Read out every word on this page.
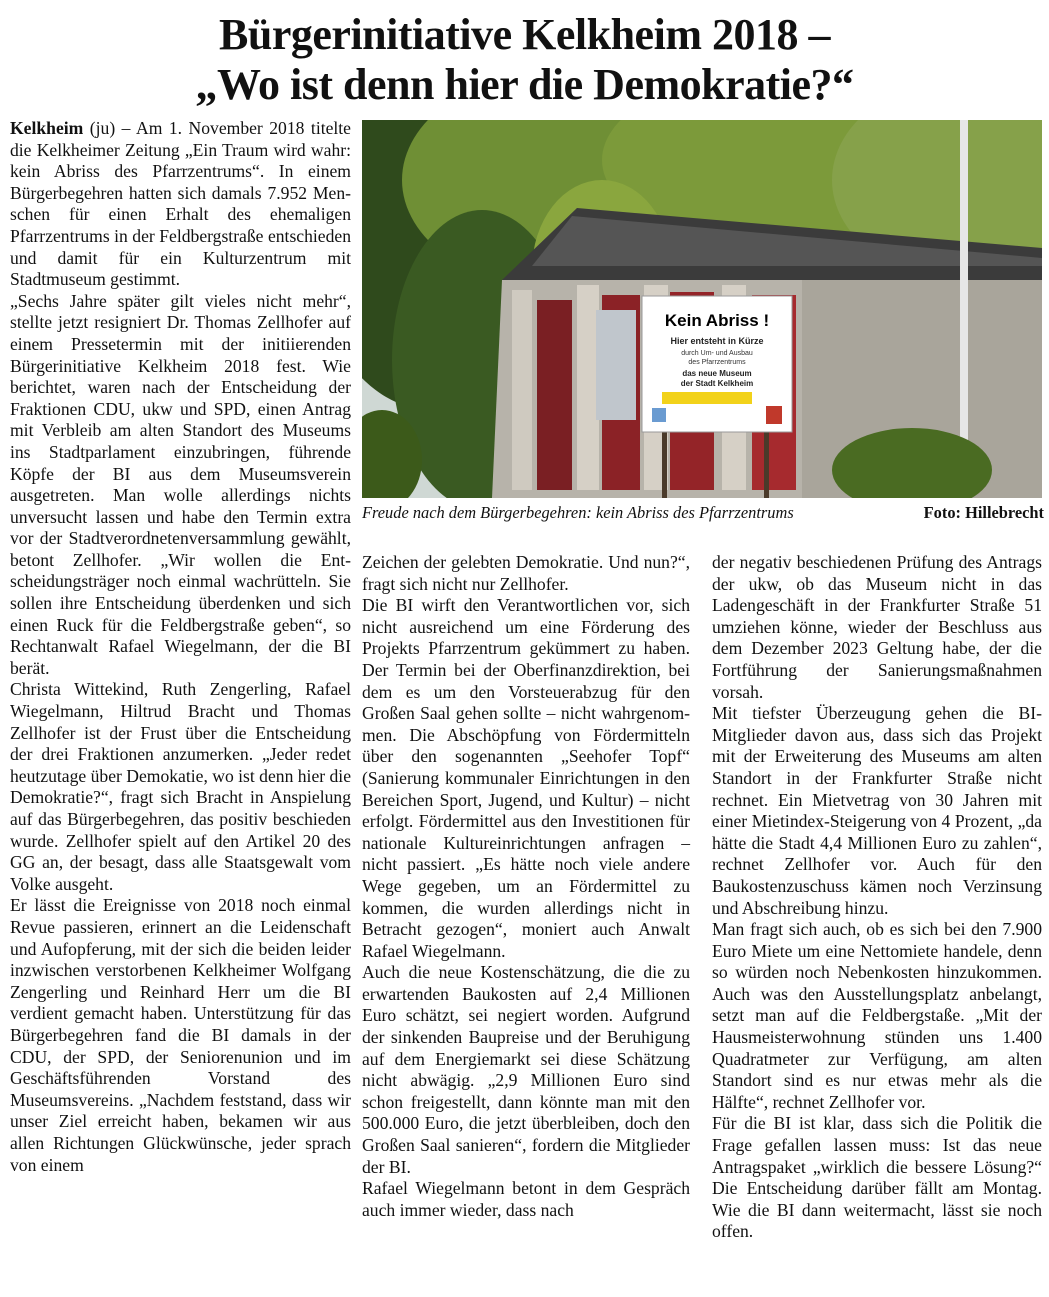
Bürgerinitiative Kelkheim 2018 –
„Wo ist denn hier die Demokratie?“

Kelkheim (ju) – Am 1. November 2018 titelte die Kelkheimer Zeitung „Ein Traum wird wahr: kein Abriss des Pfarrzentrums“. In einem Bürgerbegehren hatten sich damals 7.952 Menschen für einen Erhalt des ehemaligen Pfarrzentrums in der Feldbergstraße entschieden und damit für ein Kulturzentrum mit Stadtmuseum gestimmt.

„Sechs Jahre später gilt vieles nicht mehr“, stellte jetzt resigniert Dr. Thomas Zellhofer auf einem Pressetermin mit der initiierenden Bürgerinitiative Kelkheim 2018 fest. Wie berichtet, waren nach der Entscheidung der Fraktionen CDU, ukw und SPD, einen Antrag mit Verbleib am alten Standort des Museums ins Stadtparlament einzubringen, führende Köpfe der BI aus dem Museumsverein ausgetreten. Man wolle allerdings nichts unversucht lassen und habe den Termin extra vor der Stadtverordnetenversammlung gewählt, betont Zellhofer. „Wir wollen die Entscheidungsträger noch einmal wachrütteln. Sie sollen ihre Entscheidung überdenken und sich einen Ruck für die Feldbergstraße geben“, so Rechtanwalt Rafael Wiegelmann, der die BI berät.

Christa Wittekind, Ruth Zengerling, Rafael Wiegelmann, Hiltrud Bracht und Thomas Zellhofer ist der Frust über die Entscheidung der drei Fraktionen anzumerken. „Jeder redet heutzutage über Demokatie, wo ist denn hier die Demokratie?“, fragt sich Bracht in Anspielung auf das Bürgerbegehren, das positiv beschieden wurde. Zellhofer spielt auf den Artikel 20 des GG an, der besagt, dass alle Staatsgewalt vom Volke ausgeht.

Er lässt die Ereignisse von 2018 noch einmal Revue passieren, erinnert an die Leidenschaft und Aufopferung, mit der sich die beiden leider inzwischen verstorbenen Kelkheimer Wolfgang Zengerling und Reinhard Herr um die BI verdient gemacht haben. Unterstützung für das Bürgerbegehren fand die BI damals in der CDU, der SPD, der Seniorenunion und im Geschäftsführenden Vorstand des Museumsvereins. „Nachdem feststand, dass wir unser Ziel erreicht haben, bekamen wir aus allen Richtungen Glückwünsche, jeder sprach von einem

Kein Abriss !
Hier entsteht in Kürze
durch Um- und Ausbau
des Pfarrzentrums
das neue Museum
der Stadt Kelkheim
Freude nach dem Bürgerbegehren: kein Abriss des Pfarrzentrums	Foto: Hillebrecht

Zeichen der gelebten Demokratie. Und nun?“, fragt sich nicht nur Zellhofer.

Die BI wirft den Verantwortlichen vor, sich nicht ausreichend um eine Förderung des Projekts Pfarrzentrum gekümmert zu haben. Der Termin bei der Oberfinanzdirektion, bei dem es um den Vorsteuerabzug für den Großen Saal gehen sollte – nicht wahrgenommen. Die Abschöpfung von Fördermitteln über den sogenannten „Seehofer Topf“ (Sanierung kommunaler Einrichtungen in den Bereichen Sport, Jugend, und Kultur) – nicht erfolgt. Fördermittel aus den Investitionen für nationale Kultureinrichtungen anfragen – nicht passiert. „Es hätte noch viele andere Wege gegeben, um an Fördermittel zu kommen, die wurden allerdings nicht in Betracht gezogen“, moniert auch Anwalt Rafael Wiegelmann.

Auch die neue Kostenschätzung, die die zu erwartenden Baukosten auf 2,4 Millionen Euro schätzt, sei negiert worden. Aufgrund der sinkenden Baupreise und der Beruhigung auf dem Energiemarkt sei diese Schätzung nicht abwägig. „2,9 Millionen Euro sind schon freigestellt, dann könnte man mit den 500.000 Euro, die jetzt überbleiben, doch den Großen Saal sanieren“, fordern die Mitglieder der BI.

Rafael Wiegelmann betont in dem Gespräch auch immer wieder, dass nach

der negativ beschiedenen Prüfung des Antrags der ukw, ob das Museum nicht in das Ladengeschäft in der Frankfurter Straße 51 umziehen könne, wieder der Beschluss aus dem Dezember 2023 Geltung habe, der die Fortführung der Sanierungsmaßnahmen vorsah.

Mit tiefster Überzeugung gehen die BI-Mitglieder davon aus, dass sich das Projekt mit der Erweiterung des Museums am alten Standort in der Frankfurter Straße nicht rechnet. Ein Mietvetrag von 30 Jahren mit einer Mietindex-Steigerung von 4 Prozent, „da hätte die Stadt 4,4 Millionen Euro zu zahlen“, rechnet Zellhofer vor. Auch für den Baukostenzuschuss kämen noch Verzinsung und Abschreibung hinzu.

Man fragt sich auch, ob es sich bei den 7.900 Euro Miete um eine Nettomiete handele, denn so würden noch Nebenkosten hinzukommen. Auch was den Ausstellungsplatz anbelangt, setzt man auf die Feldbergstaße. „Mit der Hausmeisterwohnung stünden uns 1.400 Quadratmeter zur Verfügung, am alten Standort sind es nur etwas mehr als die Hälfte“, rechnet Zellhofer vor.

Für die BI ist klar, dass sich die Politik die Frage gefallen lassen muss: Ist das neue Antragspaket „wirklich die bessere Lösung?“ Die Entscheidung darüber fällt am Montag. Wie die BI dann weitermacht, lässt sie noch offen.
